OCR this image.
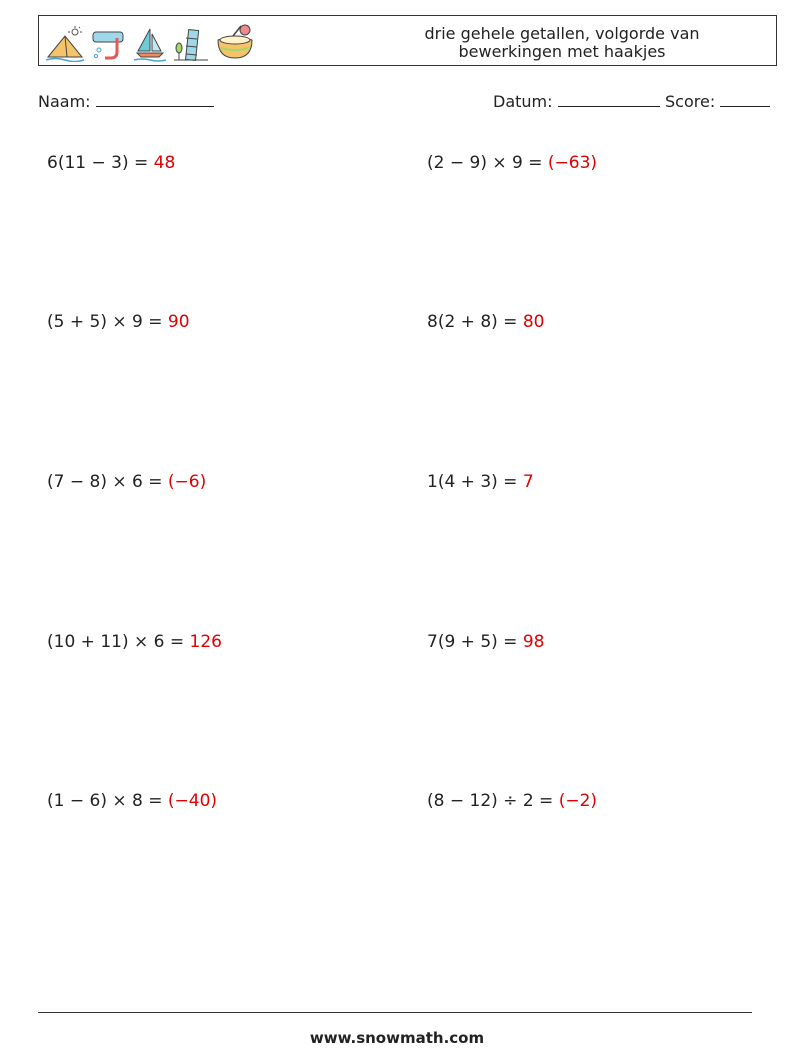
drie gehele getallen, volgorde van
bewerkingen met haakjes
Naam:	Datum:	Score:
6(11 − 3) = 48	(2 − 9) × 9 = (−63)
(5 + 5) × 9 = 90	8(2 + 8) = 80
(7 − 8) × 6 = (−6)	1(4 + 3) = 7
(10 + 11) × 6 = 126	7(9 + 5) = 98
(1 − 6) × 8 = (−40)	(8 − 12) ÷ 2 = (−2)
www.snowmath.com
